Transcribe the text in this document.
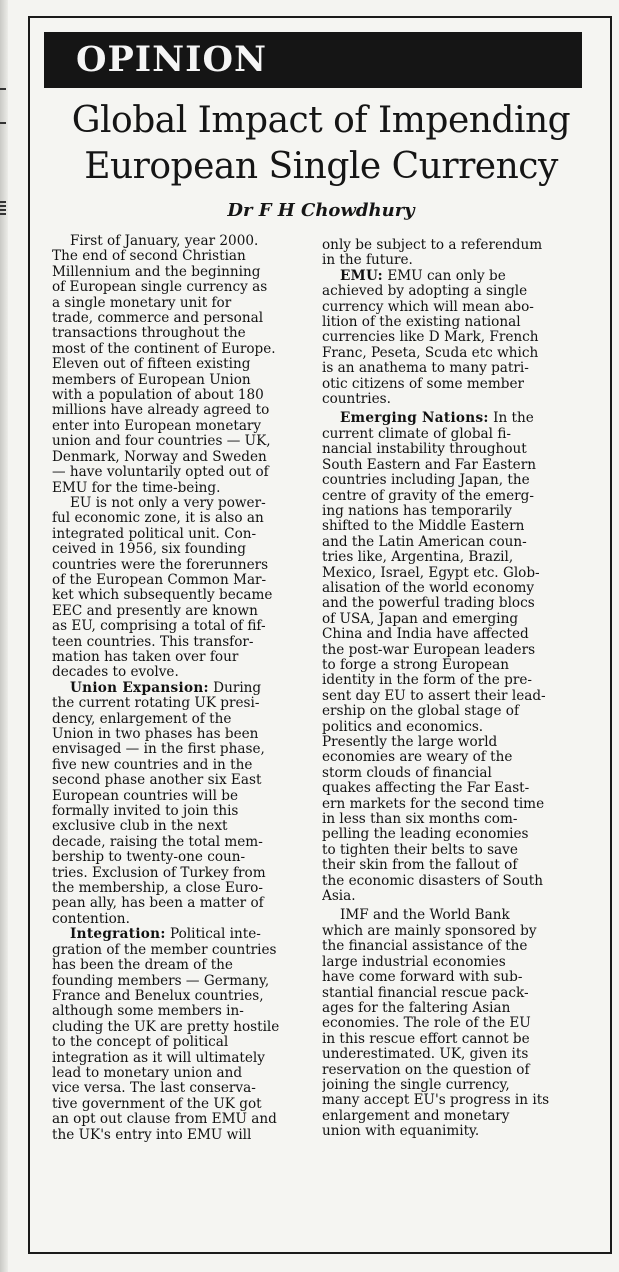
OPINION
Global Impact of Impending
European Single Currency
Dr F H Chowdhury
First of January, year 2000.
The end of second Christian
Millennium and the beginning
of European single currency as
a single monetary unit for
trade, commerce and personal
transactions throughout the
most of the continent of Europe.
Eleven out of fifteen existing
members of European Union
with a population of about 180
millions have already agreed to
enter into European monetary
union and four countries — UK,
Denmark, Norway and Sweden
— have voluntarily opted out of
EMU for the time-being.
EU is not only a very power-
ful economic zone, it is also an
integrated political unit. Con-
ceived in 1956, six founding
countries were the forerunners
of the European Common Mar-
ket which subsequently became
EEC and presently are known
as EU, comprising a total of fif-
teen countries. This transfor-
mation has taken over four
decades to evolve.
Union Expansion: During
the current rotating UK presi-
dency, enlargement of the
Union in two phases has been
envisaged — in the first phase,
five new countries and in the
second phase another six East
European countries will be
formally invited to join this
exclusive club in the next
decade, raising the total mem-
bership to twenty-one coun-
tries. Exclusion of Turkey from
the membership, a close Euro-
pean ally, has been a matter of
contention.
Integration: Political inte-
gration of the member countries
has been the dream of the
founding members — Germany,
France and Benelux countries,
although some members in-
cluding the UK are pretty hostile
to the concept of political
integration as it will ultimately
lead to monetary union and
vice versa. The last conserva-
tive government of the UK got
an opt out clause from EMU and
the UK's entry into EMU will
only be subject to a referendum
in the future.
EMU: EMU can only be
achieved by adopting a single
currency which will mean abo-
lition of the existing national
currencies like D Mark, French
Franc, Peseta, Scuda etc which
is an anathema to many patri-
otic citizens of some member
countries.
Emerging Nations: In the
current climate of global fi-
nancial instability throughout
South Eastern and Far Eastern
countries including Japan, the
centre of gravity of the emerg-
ing nations has temporarily
shifted to the Middle Eastern
and the Latin American coun-
tries like, Argentina, Brazil,
Mexico, Israel, Egypt etc. Glob-
alisation of the world economy
and the powerful trading blocs
of USA, Japan and emerging
China and India have affected
the post-war European leaders
to forge a strong European
identity in the form of the pre-
sent day EU to assert their lead-
ership on the global stage of
politics and economics.
Presently the large world
economies are weary of the
storm clouds of financial
quakes affecting the Far East-
ern markets for the second time
in less than six months com-
pelling the leading economies
to tighten their belts to save
their skin from the fallout of
the economic disasters of South
Asia.
IMF and the World Bank
which are mainly sponsored by
the financial assistance of the
large industrial economies
have come forward with sub-
stantial financial rescue pack-
ages for the faltering Asian
economies. The role of the EU
in this rescue effort cannot be
underestimated. UK, given its
reservation on the question of
joining the single currency,
many accept EU's progress in its
enlargement and monetary
union with equanimity.
